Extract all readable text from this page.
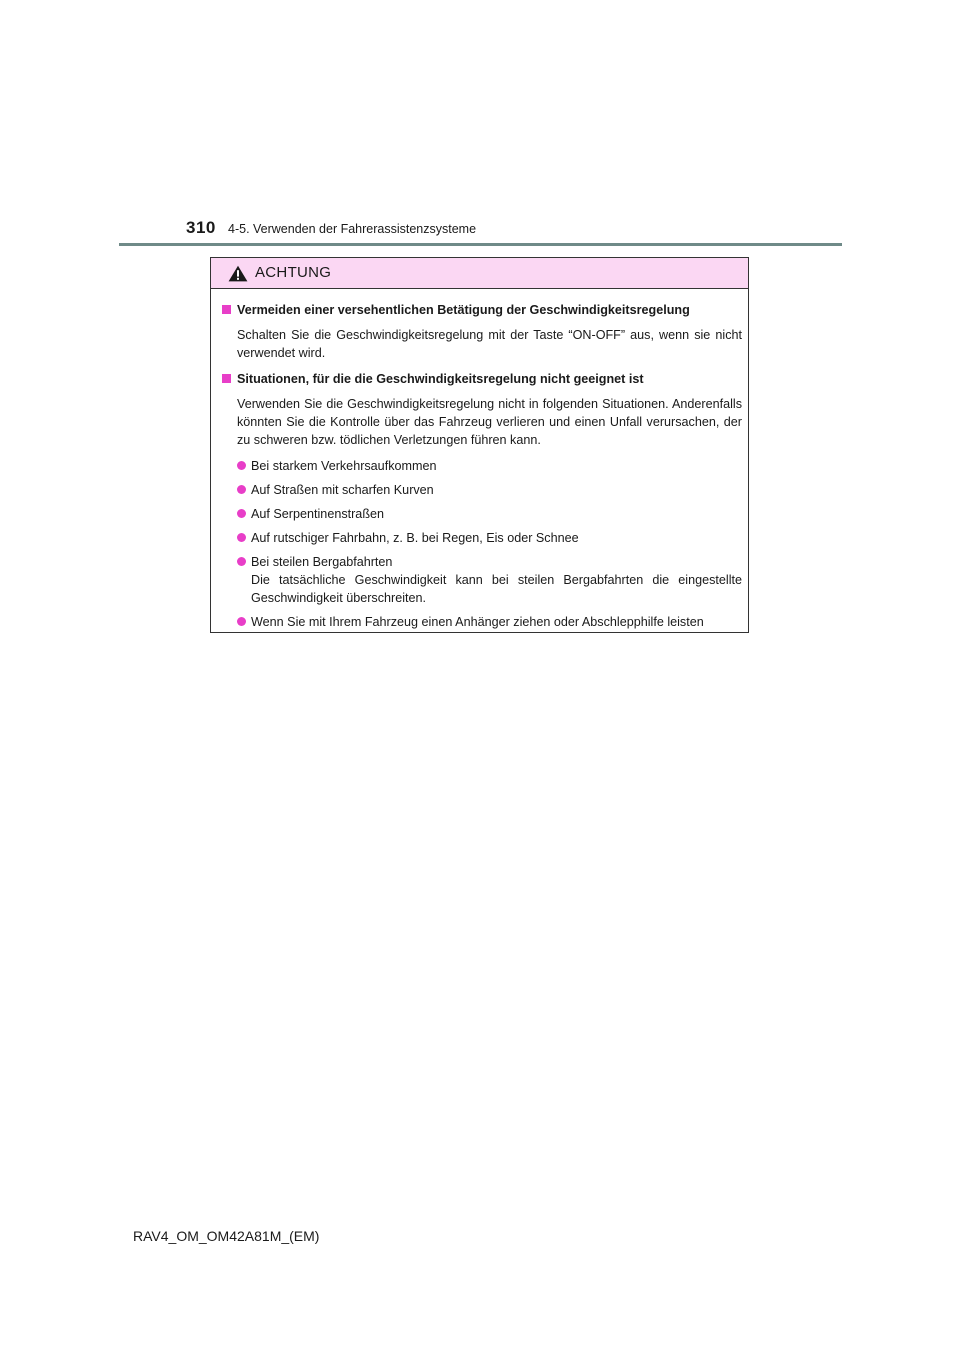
310 4-5. Verwenden der Fahrerassistenzsysteme
ACHTUNG
Vermeiden einer versehentlichen Betätigung der Geschwindigkeitsregelung
Schalten Sie die Geschwindigkeitsregelung mit der Taste “ON-OFF” aus, wenn sie nicht verwendet wird.
Situationen, für die die Geschwindigkeitsregelung nicht geeignet ist
Verwenden Sie die Geschwindigkeitsregelung nicht in folgenden Situationen. Anderenfalls könnten Sie die Kontrolle über das Fahrzeug verlieren und einen Unfall verursachen, der zu schweren bzw. tödlichen Verletzungen führen kann.
Bei starkem Verkehrsaufkommen
Auf Straßen mit scharfen Kurven
Auf Serpentinenstraßen
Auf rutschiger Fahrbahn, z. B. bei Regen, Eis oder Schnee
Bei steilen Bergabfahrten
Die tatsächliche Geschwindigkeit kann bei steilen Bergabfahrten die eingestellte Geschwindigkeit überschreiten.
Wenn Sie mit Ihrem Fahrzeug einen Anhänger ziehen oder Abschlepphilfe leisten
RAV4_OM_OM42A81M_(EM)
